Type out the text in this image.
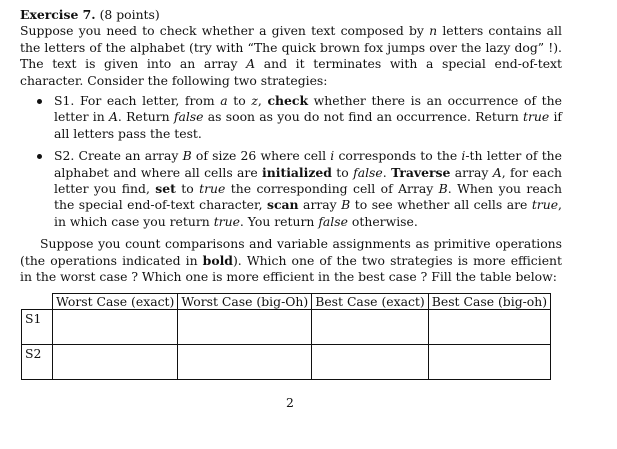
Exercise 7. (8 points)

Suppose you need to check whether a given text composed by n letters contains all the letters of the alphabet (try with “The quick brown fox jumps over the lazy dog” !). The text is given into an array A and it terminates with a special end-of-text character. Consider the following two strategies:

S1. For each letter, from a to z, check whether there is an occurrence of the letter in A. Return false as soon as you do not find an occurrence. Return true if all letters pass the test.
S2. Create an array B of size 26 where cell i corresponds to the i-th letter of the alphabet and where all cells are initialized to false. Traverse array A, for each letter you find, set to true the corresponding cell of Array B. When you reach the special end-of-text character, scan array B to see whether all cells are true, in which case you return true. You return false otherwise.

Suppose you count comparisons and variable assignments as primitive operations (the operations indicated in bold). Which one of the two strategies is more efficient in the worst case ? Which one is more efficient in the best case ? Fill the table below:

	Worst Case (exact)	Worst Case (big-Oh)	Best Case (exact)	Best Case (big-oh)
S1				
S2				
2
